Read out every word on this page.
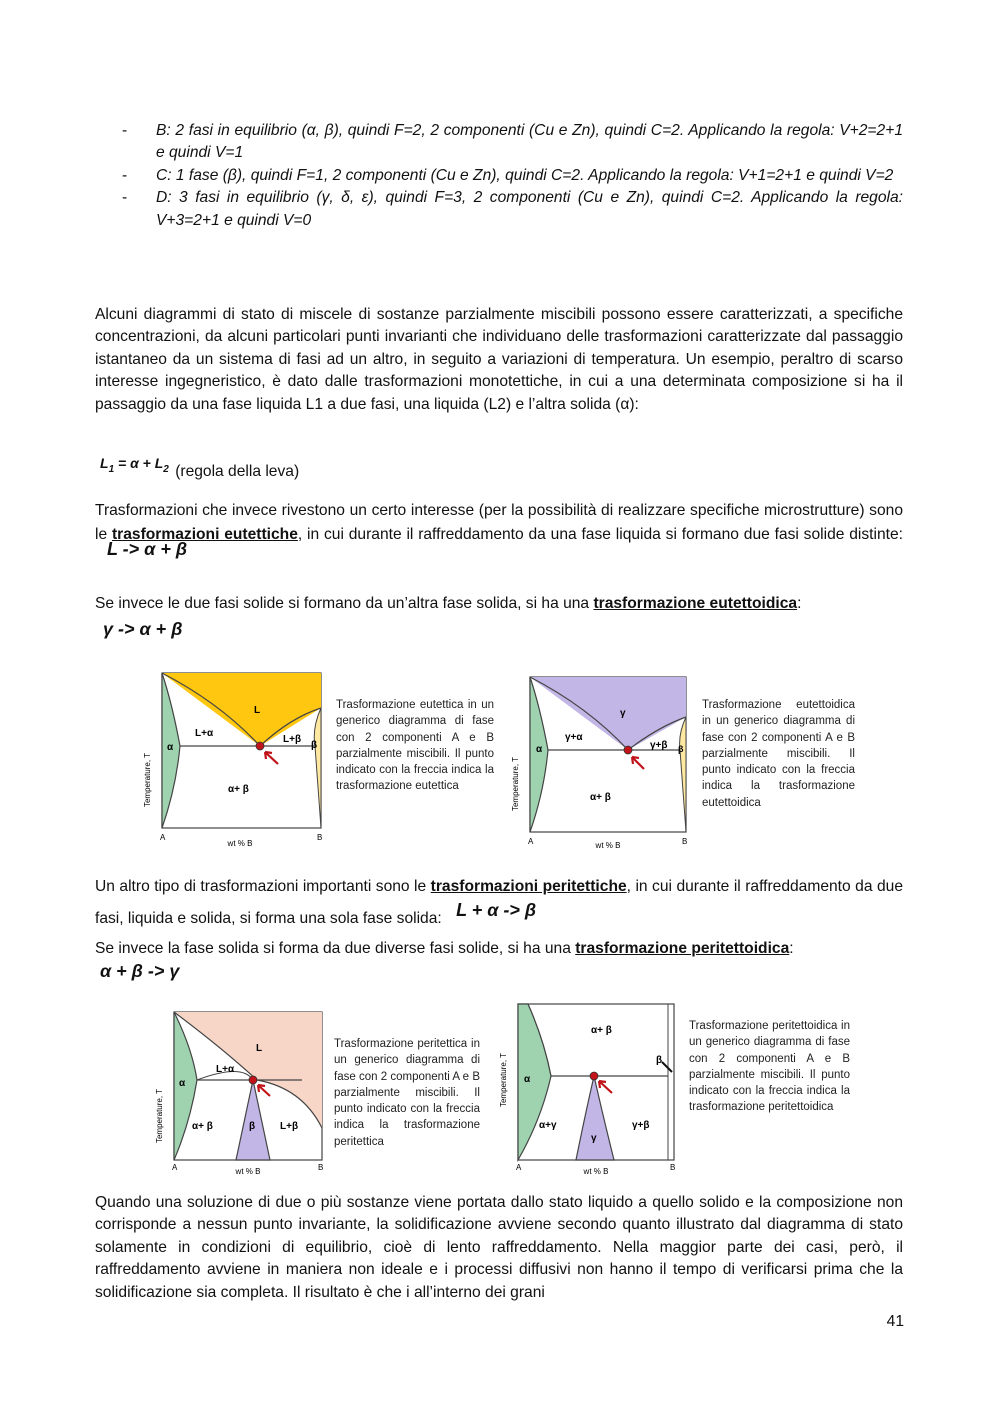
- B: 2 fasi in equilibrio (α, β), quindi F=2, 2 componenti (Cu e Zn), quindi C=2. Applicando la regola: V+2=2+1 e quindi V=1
- C: 1 fase (β), quindi F=1, 2 componenti (Cu e Zn), quindi C=2. Applicando la regola: V+1=2+1 e quindi V=2
- D: 3 fasi in equilibrio (γ, δ, ε), quindi F=3, 2 componenti (Cu e Zn), quindi C=2. Applicando la regola: V+3=2+1 e quindi V=0

Alcuni diagrammi di stato di miscele di sostanze parzialmente miscibili possono essere caratterizzati, a specifiche concentrazioni, da alcuni particolari punti invarianti che individuano delle trasformazioni caratterizzate dal passaggio istantaneo da un sistema di fasi ad un altro, in seguito a variazioni di temperatura. Un esempio, peraltro di scarso interesse ingegneristico, è dato dalle trasformazioni monotettiche, in cui a una determinata composizione si ha il passaggio da una fase liquida L1 a due fasi, una liquida (L2) e l’altra solida (α):

$L_1 = \alpha + L_2$ (regola della leva)

Trasformazioni che invece rivestono un certo interesse (per la possibilità di realizzare specifiche microstrutture) sono le trasformazioni eutettiche, in cui durante il raffreddamento da una fase liquida si formano due fasi solide distinte: L -> α + β

Se invece le due fasi solide si formano da un’altra fase solida, si ha una trasformazione eutettoidica:

γ -> α + β
Temperature, T
L
L+α
L+β
α	β
α+ β
A	B
wt % B
Trasformazione eutettica in un generico diagramma di fase con 2 componenti A e B parzialmente miscibili. Il punto indicato con la freccia indica la trasformazione eutettica	Temperature, T
γ
γ+α
γ+β
α	β
α+ β
A	B
wt % B
Trasformazione eutettoidica in un generico diagramma di fase con 2 componenti A e B parzialmente miscibili. Il punto indicato con la freccia indica la trasformazione eutettoidica

Un altro tipo di trasformazioni importanti sono le trasformazioni peritettiche, in cui durante il raffreddamento da due fasi, liquida e solida, si forma una sola fase solida: L + α -> β

Se invece la fase solida si forma da due diverse fasi solide, si ha una trasformazione peritettoidica:

α + β -> γ
Temperature, T
L
L+α
α
α+ β	β L+β
A	B
wt % B
Trasformazione peritettica in un generico diagramma di fase con 2 componenti A e B parzialmente miscibili. Il punto indicato con la freccia indica la trasformazione peritettica
Temperature, T
α+ β
β
α
α+γ
γ
γ+β
A	B
wt % B
Trasformazione peritettoidica in un generico diagramma di fase con 2 componenti A e B parzialmente miscibili. Il punto indicato con la freccia indica la trasformazione peritettoidica

Quando una soluzione di due o più sostanze viene portata dallo stato liquido a quello solido e la composizione non corrisponde a nessun punto invariante, la solidificazione avviene secondo quanto illustrato dal diagramma di stato solamente in condizioni di equilibrio, cioè di lento raffreddamento. Nella maggior parte dei casi, però, il raffreddamento avviene in maniera non ideale e i processi diffusivi non hanno il tempo di verificarsi prima che la solidificazione sia completa. Il risultato è che i all’interno dei grani

41
